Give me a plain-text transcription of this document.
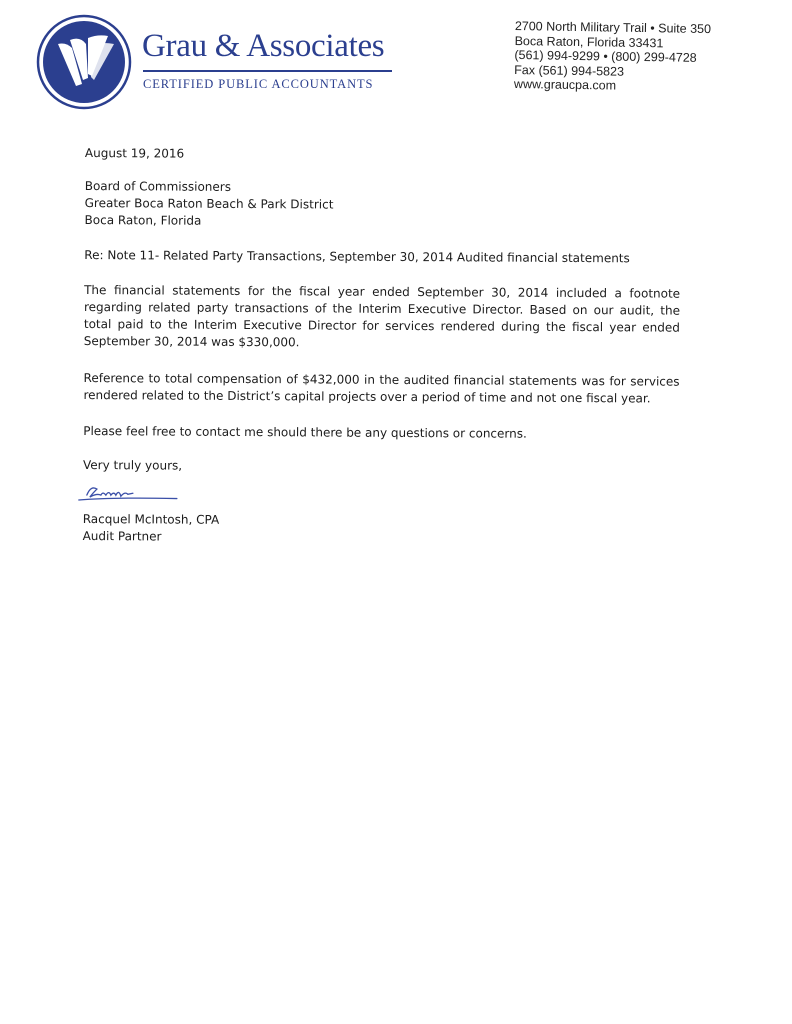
Grau & Associates
CERTIFIED PUBLIC ACCOUNTANTS
2700 North Military Trail • Suite 350
Boca Raton, Florida 33431
(561) 994-9299 • (800) 299-4728
Fax (561) 994-5823
www.graucpa.com

August 19, 2016

Board of Commissioners

Greater Boca Raton Beach & Park District

Boca Raton, Florida

Re: Note 11- Related Party Transactions, September 30, 2014 Audited financial statements

The financial statements for the fiscal year ended September 30, 2014 included a footnote regarding related party transactions of the Interim Executive Director. Based on our audit, the total paid to the Interim Executive Director for services rendered during the fiscal year ended September 30, 2014 was $330,000.

Reference to total compensation of $432,000 in the audited financial statements was for services rendered related to the District’s capital projects over a period of time and not one fiscal year.

Please feel free to contact me should there be any questions or concerns.

Very truly yours,

Racquel McIntosh, CPA

Audit Partner
